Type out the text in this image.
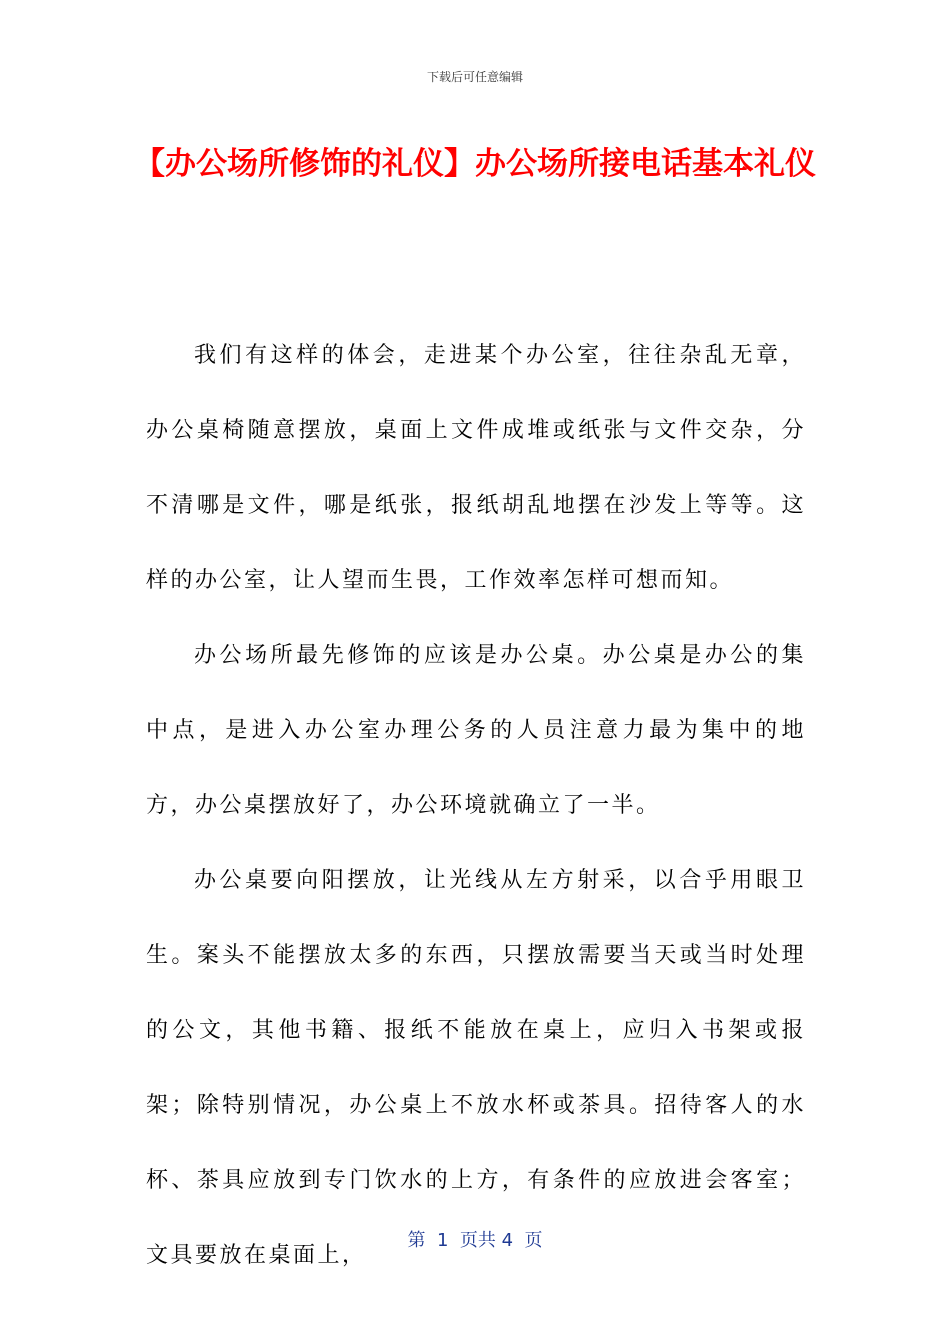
下载后可任意编辑
【办公场所修饰的礼仪】办公场所接电话基本礼仪

我们有这样的体会，走进某个办公室，往往杂乱无章，办公桌椅随意摆放，桌面上文件成堆或纸张与文件交杂，分不清哪是文件，哪是纸张，报纸胡乱地摆在沙发上等等。这样的办公室，让人望而生畏，工作效率怎样可想而知。

办公场所最先修饰的应该是办公桌。办公桌是办公的集中点，是进入办公室办理公务的人员注意力最为集中的地方，办公桌摆放好了，办公环境就确立了一半。

办公桌要向阳摆放，让光线从左方射采，以合乎用眼卫生。案头不能摆放太多的东西，只摆放需要当天或当时处理的公文，其他书籍、报纸不能放在桌上，应归入书架或报架；除特别情况，办公桌上不放水杯或茶具。招待客人的水杯、茶具应放到专门饮水的上方，有条件的应放进会客室；文具要放在桌面上，

第  1  页共 4  页
